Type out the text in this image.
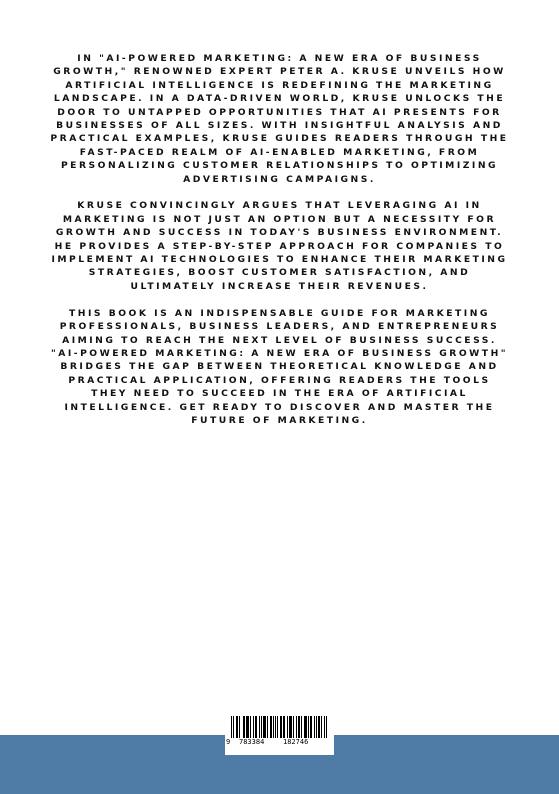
IN "AI-POWERED MARKETING: A NEW ERA OF BUSINESS GROWTH," RENOWNED EXPERT PETER A. KRUSE UNVEILS HOW ARTIFICIAL INTELLIGENCE IS REDEFINING THE MARKETING LANDSCAPE. IN A DATA-DRIVEN WORLD, KRUSE UNLOCKS THE DOOR TO UNTAPPED OPPORTUNITIES THAT AI PRESENTS FOR BUSINESSES OF ALL SIZES. WITH INSIGHTFUL ANALYSIS AND PRACTICAL EXAMPLES, KRUSE GUIDES READERS THROUGH THE FAST-PACED REALM OF AI-ENABLED MARKETING, FROM PERSONALIZING CUSTOMER RELATIONSHIPS TO OPTIMIZING ADVERTISING CAMPAIGNS.

KRUSE CONVINCINGLY ARGUES THAT LEVERAGING AI IN MARKETING IS NOT JUST AN OPTION BUT A NECESSITY FOR GROWTH AND SUCCESS IN TODAY'S BUSINESS ENVIRONMENT. HE PROVIDES A STEP-BY-STEP APPROACH FOR COMPANIES TO IMPLEMENT AI TECHNOLOGIES TO ENHANCE THEIR MARKETING STRATEGIES, BOOST CUSTOMER SATISFACTION, AND ULTIMATELY INCREASE THEIR REVENUES.

THIS BOOK IS AN INDISPENSABLE GUIDE FOR MARKETING PROFESSIONALS, BUSINESS LEADERS, AND ENTREPRENEURS AIMING TO REACH THE NEXT LEVEL OF BUSINESS SUCCESS. "AI-POWERED MARKETING: A NEW ERA OF BUSINESS GROWTH" BRIDGES THE GAP BETWEEN THEORETICAL KNOWLEDGE AND PRACTICAL APPLICATION, OFFERING READERS THE TOOLS THEY NEED TO SUCCEED IN THE ERA OF ARTIFICIAL INTELLIGENCE. GET READY TO DISCOVER AND MASTER THE FUTURE OF MARKETING.

9 783384	182746
